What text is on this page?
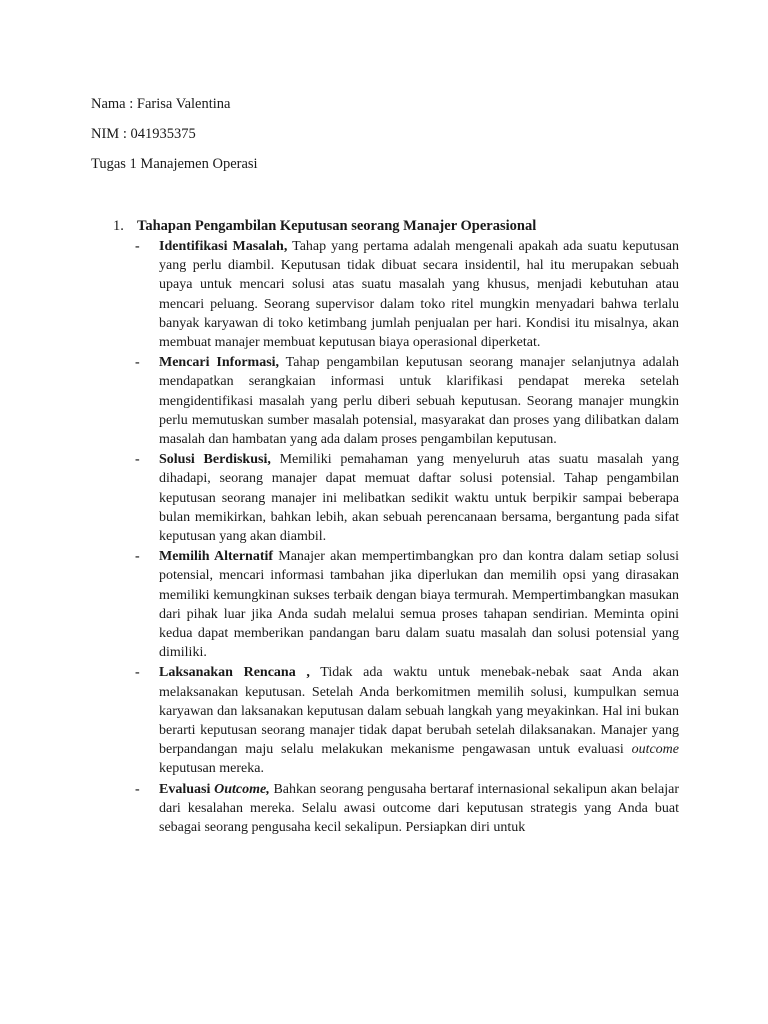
Nama : Farisa Valentina
NIM : 041935375
Tugas 1 Manajemen Operasi
1. Tahapan Pengambilan Keputusan seorang Manajer Operasional
- Identifikasi Masalah, Tahap yang pertama adalah mengenali apakah ada suatu keputusan yang perlu diambil. Keputusan tidak dibuat secara insidentil, hal itu merupakan sebuah upaya untuk mencari solusi atas suatu masalah yang khusus, menjadi kebutuhan atau mencari peluang. Seorang supervisor dalam toko ritel mungkin menyadari bahwa terlalu banyak karyawan di toko ketimbang jumlah penjualan per hari. Kondisi itu misalnya, akan membuat manajer membuat keputusan biaya operasional diperketat.
- Mencari Informasi, Tahap pengambilan keputusan seorang manajer selanjutnya adalah mendapatkan serangkaian informasi untuk klarifikasi pendapat mereka setelah mengidentifikasi masalah yang perlu diberi sebuah keputusan. Seorang manajer mungkin perlu memutuskan sumber masalah potensial, masyarakat dan proses yang dilibatkan dalam masalah dan hambatan yang ada dalam proses pengambilan keputusan.
- Solusi Berdiskusi, Memiliki pemahaman yang menyeluruh atas suatu masalah yang dihadapi, seorang manajer dapat memuat daftar solusi potensial. Tahap pengambilan keputusan seorang manajer ini melibatkan sedikit waktu untuk berpikir sampai beberapa bulan memikirkan, bahkan lebih, akan sebuah perencanaan bersama, bergantung pada sifat keputusan yang akan diambil.
- Memilih Alternatif Manajer akan mempertimbangkan pro dan kontra dalam setiap solusi potensial, mencari informasi tambahan jika diperlukan dan memilih opsi yang dirasakan memiliki kemungkinan sukses terbaik dengan biaya termurah. Mempertimbangkan masukan dari pihak luar jika Anda sudah melalui semua proses tahapan sendirian. Meminta opini kedua dapat memberikan pandangan baru dalam suatu masalah dan solusi potensial yang dimiliki.
- Laksanakan Rencana , Tidak ada waktu untuk menebak-nebak saat Anda akan melaksanakan keputusan. Setelah Anda berkomitmen memilih solusi, kumpulkan semua karyawan dan laksanakan keputusan dalam sebuah langkah yang meyakinkan. Hal ini bukan berarti keputusan seorang manajer tidak dapat berubah setelah dilaksanakan. Manajer yang berpandangan maju selalu melakukan mekanisme pengawasan untuk evaluasi outcome keputusan mereka.
- Evaluasi Outcome, Bahkan seorang pengusaha bertaraf internasional sekalipun akan belajar dari kesalahan mereka. Selalu awasi outcome dari keputusan strategis yang Anda buat sebagai seorang pengusaha kecil sekalipun. Persiapkan diri untuk
